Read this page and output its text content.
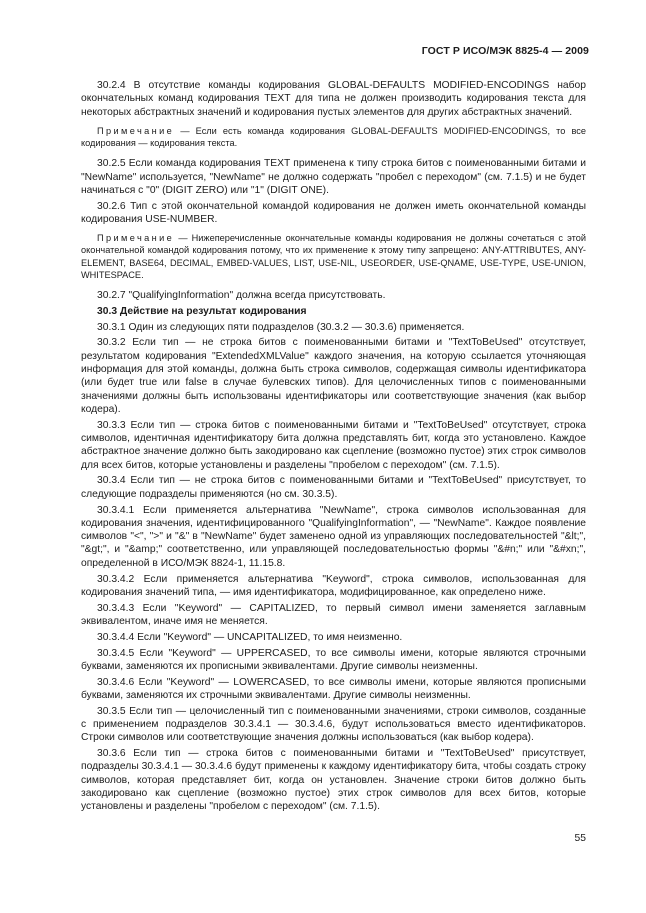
ГОСТ Р ИСО/МЭК 8825-4 — 2009

30.2.4 В отсутствие команды кодирования GLOBAL-DEFAULTS MODIFIED-ENCODINGS набор окончательных команд кодирования TEXT для типа не должен производить кодирования текста для некоторых абстрактных значений и кодирования пустых элементов для других абстрактных значений.

Примечание — Если есть команда кодирования GLOBAL-DEFAULTS MODIFIED-ENCODINGS, то все кодирования — кодирования текста.

30.2.5 Если команда кодирования TEXT применена к типу строка битов с поименованными битами и "NewName" используется, "NewName" не должно содержать "пробел с переходом" (см. 7.1.5) и не будет начинаться с "0" (DIGIT ZERO) или "1" (DIGIT ONE).

30.2.6 Тип с этой окончательной командой кодирования не должен иметь окончательной команды кодирования USE-NUMBER.

Примечание — Нижеперечисленные окончательные команды кодирования не должны сочетаться с этой окончательной командой кодирования потому, что их применение к этому типу запрещено: ANY-ATTRIBUTES, ANY-ELEMENT, BASE64, DECIMAL, EMBED-VALUES, LIST, USE-NIL, USEORDER, USE-QNAME, USE-TYPE, USE-UNION, WHITESPACE.

30.2.7 "QualifyingInformation" должна всегда присутствовать.

30.3 Действие на результат кодирования

30.3.1 Один из следующих пяти подразделов (30.3.2 — 30.3.6) применяется.

30.3.2 Если тип — не строка битов с поименованными битами и "TextToBeUsed" отсутствует, результатом кодирования "ExtendedXMLValue" каждого значения, на которую ссылается уточняющая информация для этой команды, должна быть строка символов, содержащая символы идентификатора (или будет true или false в случае булевских типов). Для целочисленных типов с поименованными значениями должны быть использованы идентификаторы или соответствующие значения (как выбор кодера).

30.3.3 Если тип — строка битов с поименованными битами и "TextToBeUsed" отсутствует, строка символов, идентичная идентификатору бита должна представлять бит, когда это установлено. Каждое абстрактное значение должно быть закодировано как сцепление (возможно пустое) этих строк символов для всех битов, которые установлены и разделены "пробелом с переходом" (см. 7.1.5).

30.3.4 Если тип — не строка битов с поименованными битами и "TextToBeUsed" присутствует, то следующие подразделы применяются (но см. 30.3.5).

30.3.4.1 Если применяется альтернатива "NewName", строка символов использованная для кодирования значения, идентифицированного "QualifyingInformation", — "NewName". Каждое появление символов "<", ">" и "&" в "NewName" будет заменено одной из управляющих последовательностей "&lt;", "&gt;", и "&amp;" соответственно, или управляющей последовательностью формы "&#n;" или "&#xn;", определенной в ИСО/МЭК 8824-1, 11.15.8.

30.3.4.2 Если применяется альтернатива "Keyword", строка символов, использованная для кодирования значений типа, — имя идентификатора, модифицированное, как определено ниже.

30.3.4.3 Если "Keyword" — CAPITALIZED, то первый символ имени заменяется заглавным эквивалентом, иначе имя не меняется.

30.3.4.4 Если "Keyword" — UNCAPITALIZED, то имя неизменно.

30.3.4.5 Если "Keyword" — UPPERCASED, то все символы имени, которые являются строчными буквами, заменяются их прописными эквивалентами. Другие символы неизменны.

30.3.4.6 Если "Keyword" — LOWERCASED, то все символы имени, которые являются прописными буквами, заменяются их строчными эквивалентами. Другие символы неизменны.

30.3.5 Если тип — целочисленный тип с поименованными значениями, строки символов, созданные с применением подразделов 30.3.4.1 — 30.3.4.6, будут использоваться вместо идентификаторов. Строки символов или соответствующие значения должны использоваться (как выбор кодера).

30.3.6 Если тип — строка битов с поименованными битами и "TextToBeUsed" присутствует, подразделы 30.3.4.1 — 30.3.4.6 будут применены к каждому идентификатору бита, чтобы создать строку символов, которая представляет бит, когда он установлен. Значение строки битов должно быть закодировано как сцепление (возможно пустое) этих строк символов для всех битов, которые установлены и разделены "пробелом с переходом" (см. 7.1.5).

55
